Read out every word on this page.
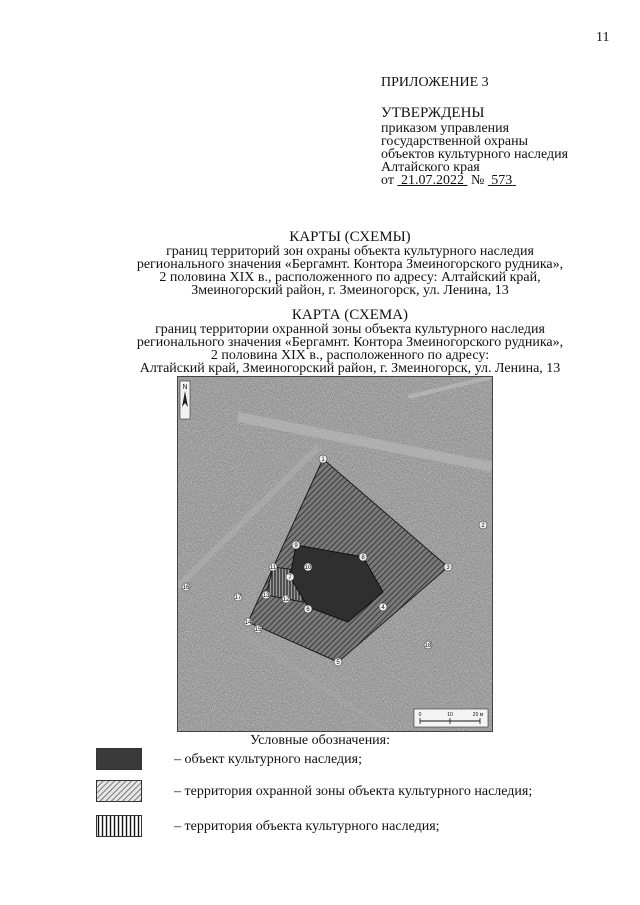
11
ПРИЛОЖЕНИЕ 3
УТВЕРЖДЕНЫ
приказом управления
государственной охраны
объектов культурного наследия
Алтайского края
от 21.07.2022 № 573
КАРТЫ (СХЕМЫ)
границ территорий зон охраны объекта культурного наследия
регионального значения «Бергамнт. Контора Змеиногорского рудника»,
2 половина XIX в., расположенного по адресу: Алтайский край,
Змеиногорский район, г. Змеиногорск, ул. Ленина, 13
КАРТА (СХЕМА)
границ территории охранной зоны объекта культурного наследия
регионального значения «Бергамнт. Контора Змеиногорского рудника»,
2 половина XIX в., расположенного по адресу:
Алтайский край, Змеиногорский район, г. Змеиногорск, ул. Ленина, 13
N
1
2
3
4
5
6
7
8
9
10
11
12
13
14
15
16
17
18
0	10	20 м
Условные обозначения:
– объект культурного наследия;
– территория охранной зоны объекта культурного наследия;
– территория объекта культурного наследия;
